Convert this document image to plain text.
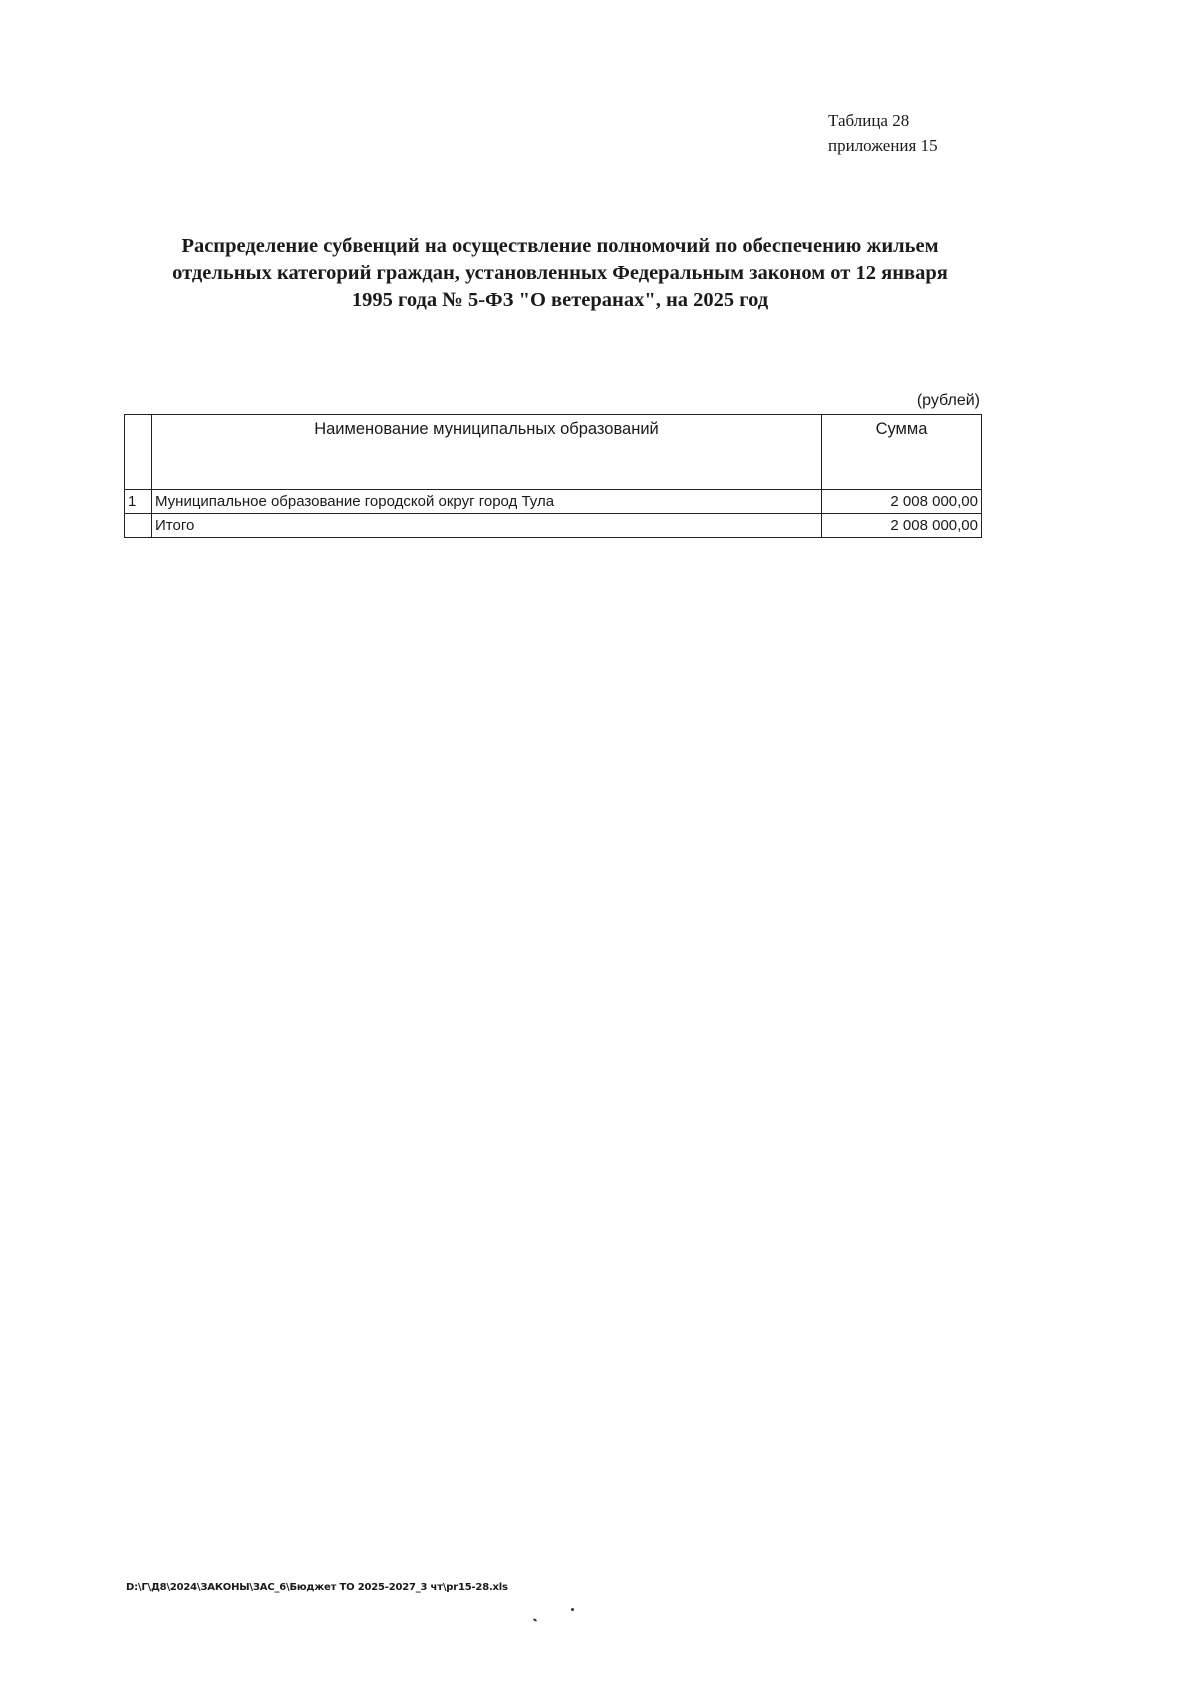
Таблица 28
приложения 15
Распределение субвенций на осуществление полномочий по обеспечению жильем
отдельных категорий граждан, установленных Федеральным законом от 12 января
1995 года № 5-ФЗ "О ветеранах", на 2025 год
(рублей)
	Наименование муниципальных образований	Сумма
1	Муниципальное образование городской округ город Тула	2 008 000,00
	Итого	2 008 000,00
D:\Г\Д8\2024\ЗАКОНЫ\ЗАС_6\Бюджет ТО 2025-2027_3 чт\pr15-28.xls
